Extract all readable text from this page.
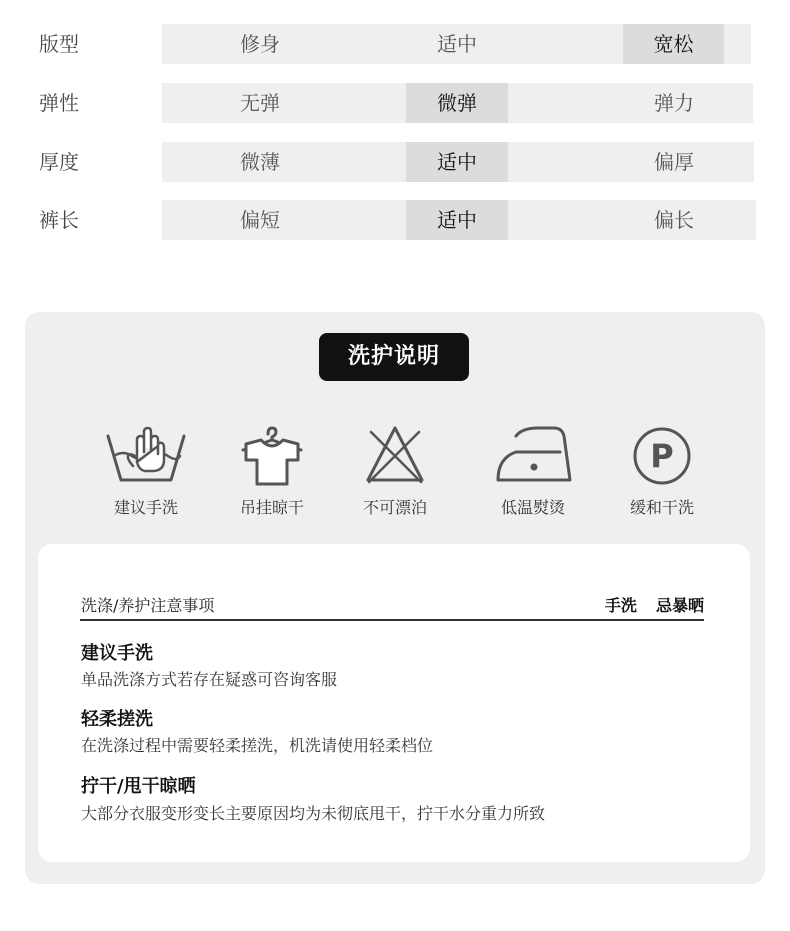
版型	修身	适中	宽松
弹性	无弹	微弹	弹力
厚度	微薄	适中	偏厚
裤长	偏短	适中	偏长
洗护说明
建议手洗	吊挂晾干	不可漂泊	低温熨烫
P
缓和干洗
洗涤/养护注意事项	手洗  忌暴晒
建议手洗
单品洗涤方式若存在疑惑可咨询客服
轻柔搓洗
在洗涤过程中需要轻柔搓洗，机洗请使用轻柔档位
拧干/甩干晾晒
大部分衣服变形变长主要原因均为未彻底甩干，拧干水分重力所致
